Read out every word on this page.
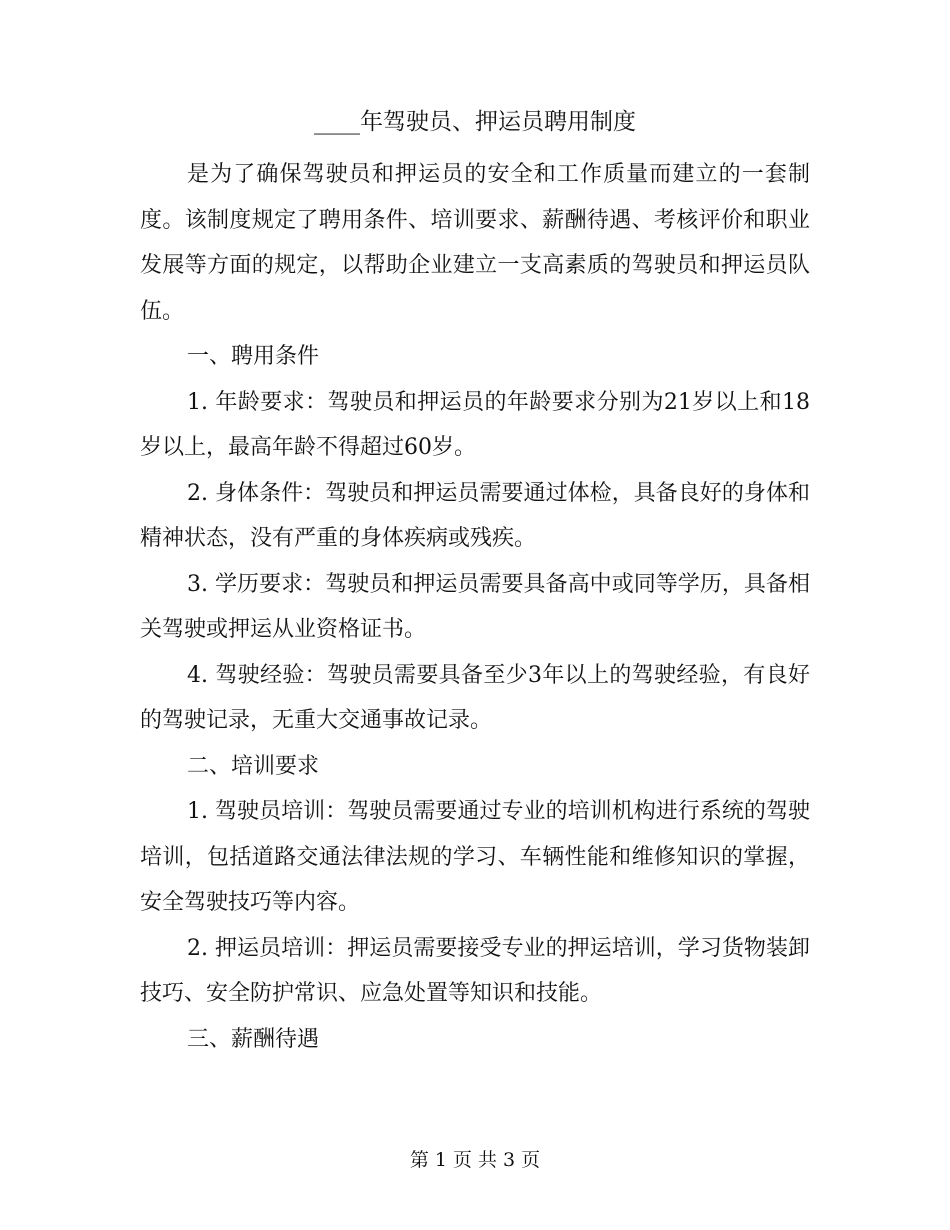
____年驾驶员、押运员聘用制度

是为了确保驾驶员和押运员的安全和工作质量而建立的一套制度。该制度规定了聘用条件、培训要求、薪酬待遇、考核评价和职业发展等方面的规定，以帮助企业建立一支高素质的驾驶员和押运员队伍。

一、聘用条件

1. 年龄要求：驾驶员和押运员的年龄要求分别为21岁以上和18岁以上，最高年龄不得超过60岁。

2. 身体条件：驾驶员和押运员需要通过体检，具备良好的身体和精神状态，没有严重的身体疾病或残疾。

3. 学历要求：驾驶员和押运员需要具备高中或同等学历，具备相关驾驶或押运从业资格证书。

4. 驾驶经验：驾驶员需要具备至少3年以上的驾驶经验，有良好的驾驶记录，无重大交通事故记录。

二、培训要求

1. 驾驶员培训：驾驶员需要通过专业的培训机构进行系统的驾驶培训，包括道路交通法律法规的学习、车辆性能和维修知识的掌握，安全驾驶技巧等内容。

2. 押运员培训：押运员需要接受专业的押运培训，学习货物装卸技巧、安全防护常识、应急处置等知识和技能。

三、薪酬待遇

第 1 页 共 3 页
